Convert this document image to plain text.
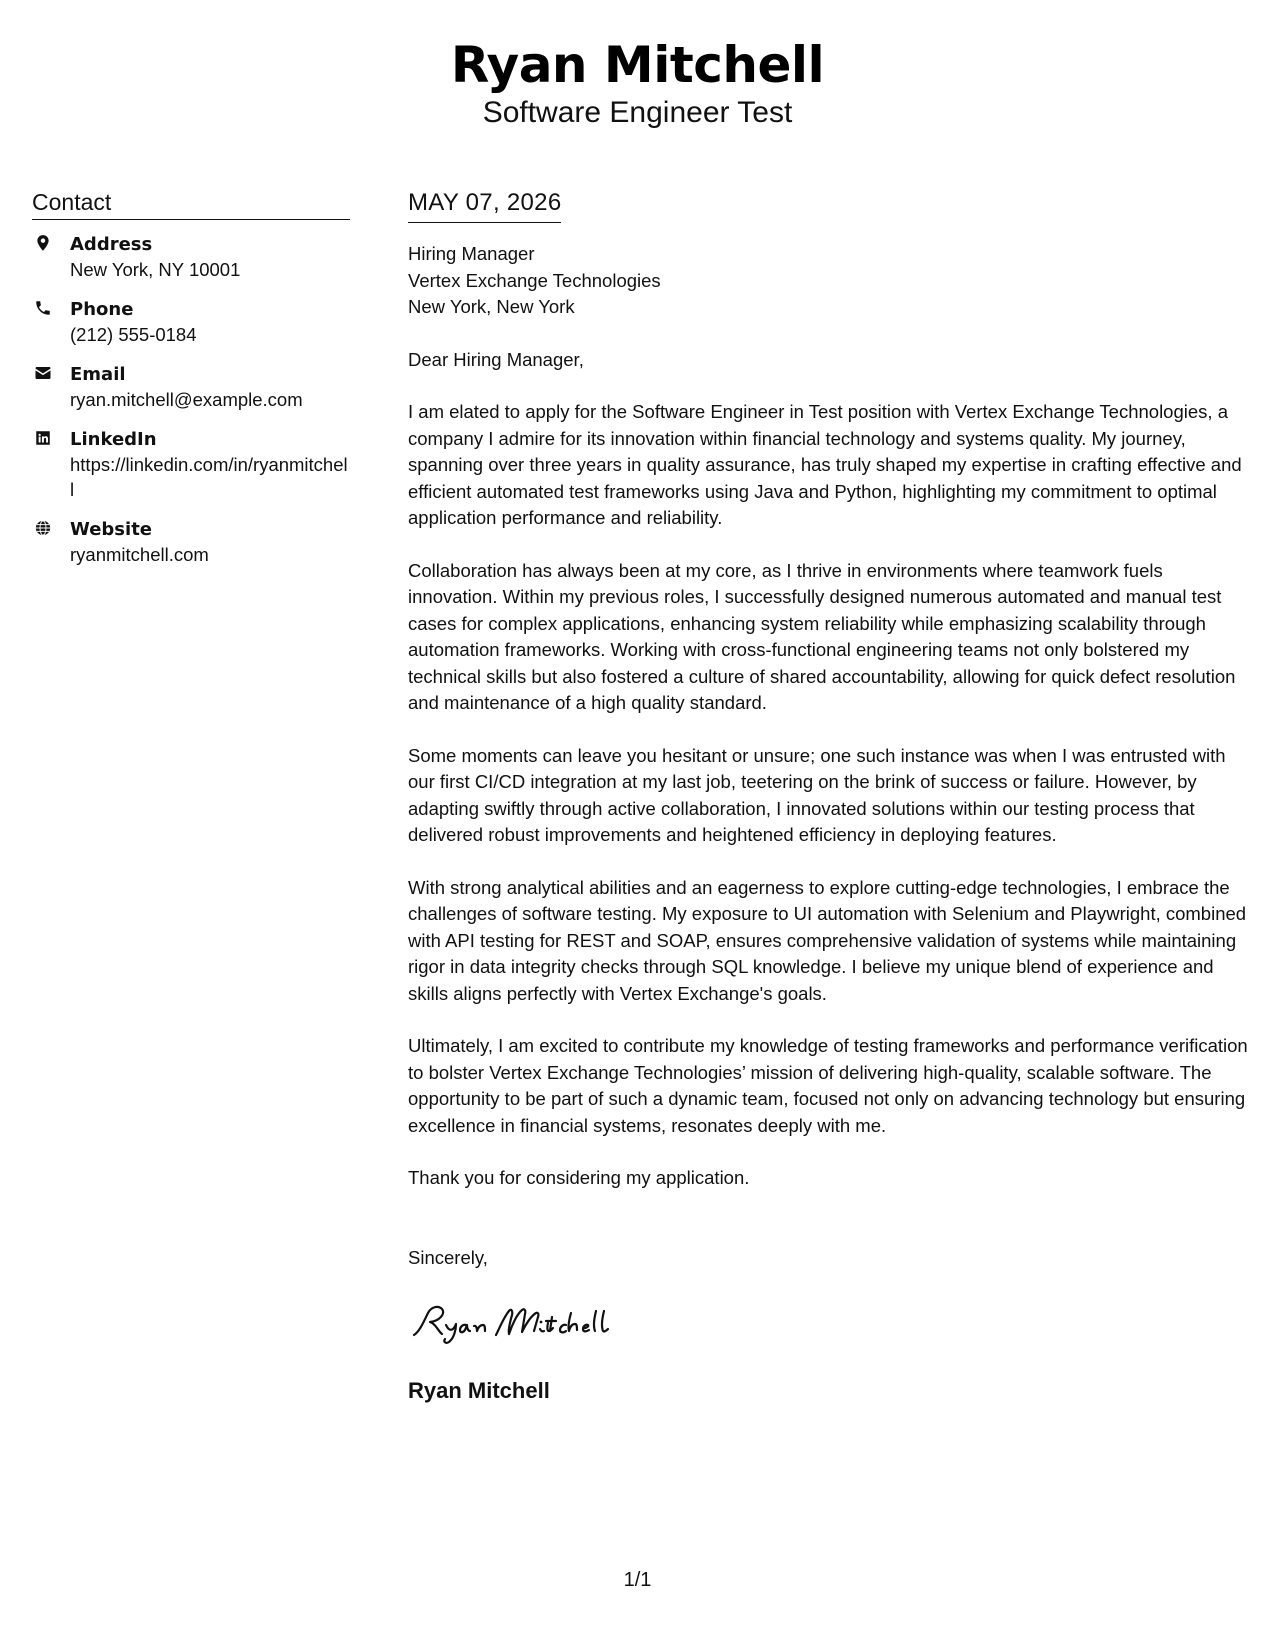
Ryan Mitchell
Software Engineer Test
Contact
Address
New York, NY 10001
Phone
(212) 555-0184
Email
ryan.mitchell@example.com
LinkedIn
https://linkedin.com/in/ryanmitchell
Website
ryanmitchell.com
MAY 07, 2026
Hiring Manager
Vertex Exchange Technologies
New York, New York
Dear Hiring Manager,
I am elated to apply for the Software Engineer in Test position with Vertex Exchange Technologies, a company I admire for its innovation within financial technology and systems quality. My journey, spanning over three years in quality assurance, has truly shaped my expertise in crafting effective and efficient automated test frameworks using Java and Python, highlighting my commitment to optimal application performance and reliability.
Collaboration has always been at my core, as I thrive in environments where teamwork fuels innovation. Within my previous roles, I successfully designed numerous automated and manual test cases for complex applications, enhancing system reliability while emphasizing scalability through automation frameworks. Working with cross-functional engineering teams not only bolstered my technical skills but also fostered a culture of shared accountability, allowing for quick defect resolution and maintenance of a high quality standard.
Some moments can leave you hesitant or unsure; one such instance was when I was entrusted with our first CI/CD integration at my last job, teetering on the brink of success or failure. However, by adapting swiftly through active collaboration, I innovated solutions within our testing process that delivered robust improvements and heightened efficiency in deploying features.
With strong analytical abilities and an eagerness to explore cutting-edge technologies, I embrace the challenges of software testing. My exposure to UI automation with Selenium and Playwright, combined with API testing for REST and SOAP, ensures comprehensive validation of systems while maintaining rigor in data integrity checks through SQL knowledge. I believe my unique blend of experience and skills aligns perfectly with Vertex Exchange's goals.
Ultimately, I am excited to contribute my knowledge of testing frameworks and performance verification to bolster Vertex Exchange Technologies’ mission of delivering high-quality, scalable software. The opportunity to be part of such a dynamic team, focused not only on advancing technology but ensuring excellence in financial systems, resonates deeply with me.
Thank you for considering my application.
Sincerely,
Ryan Mitchell
1/1
